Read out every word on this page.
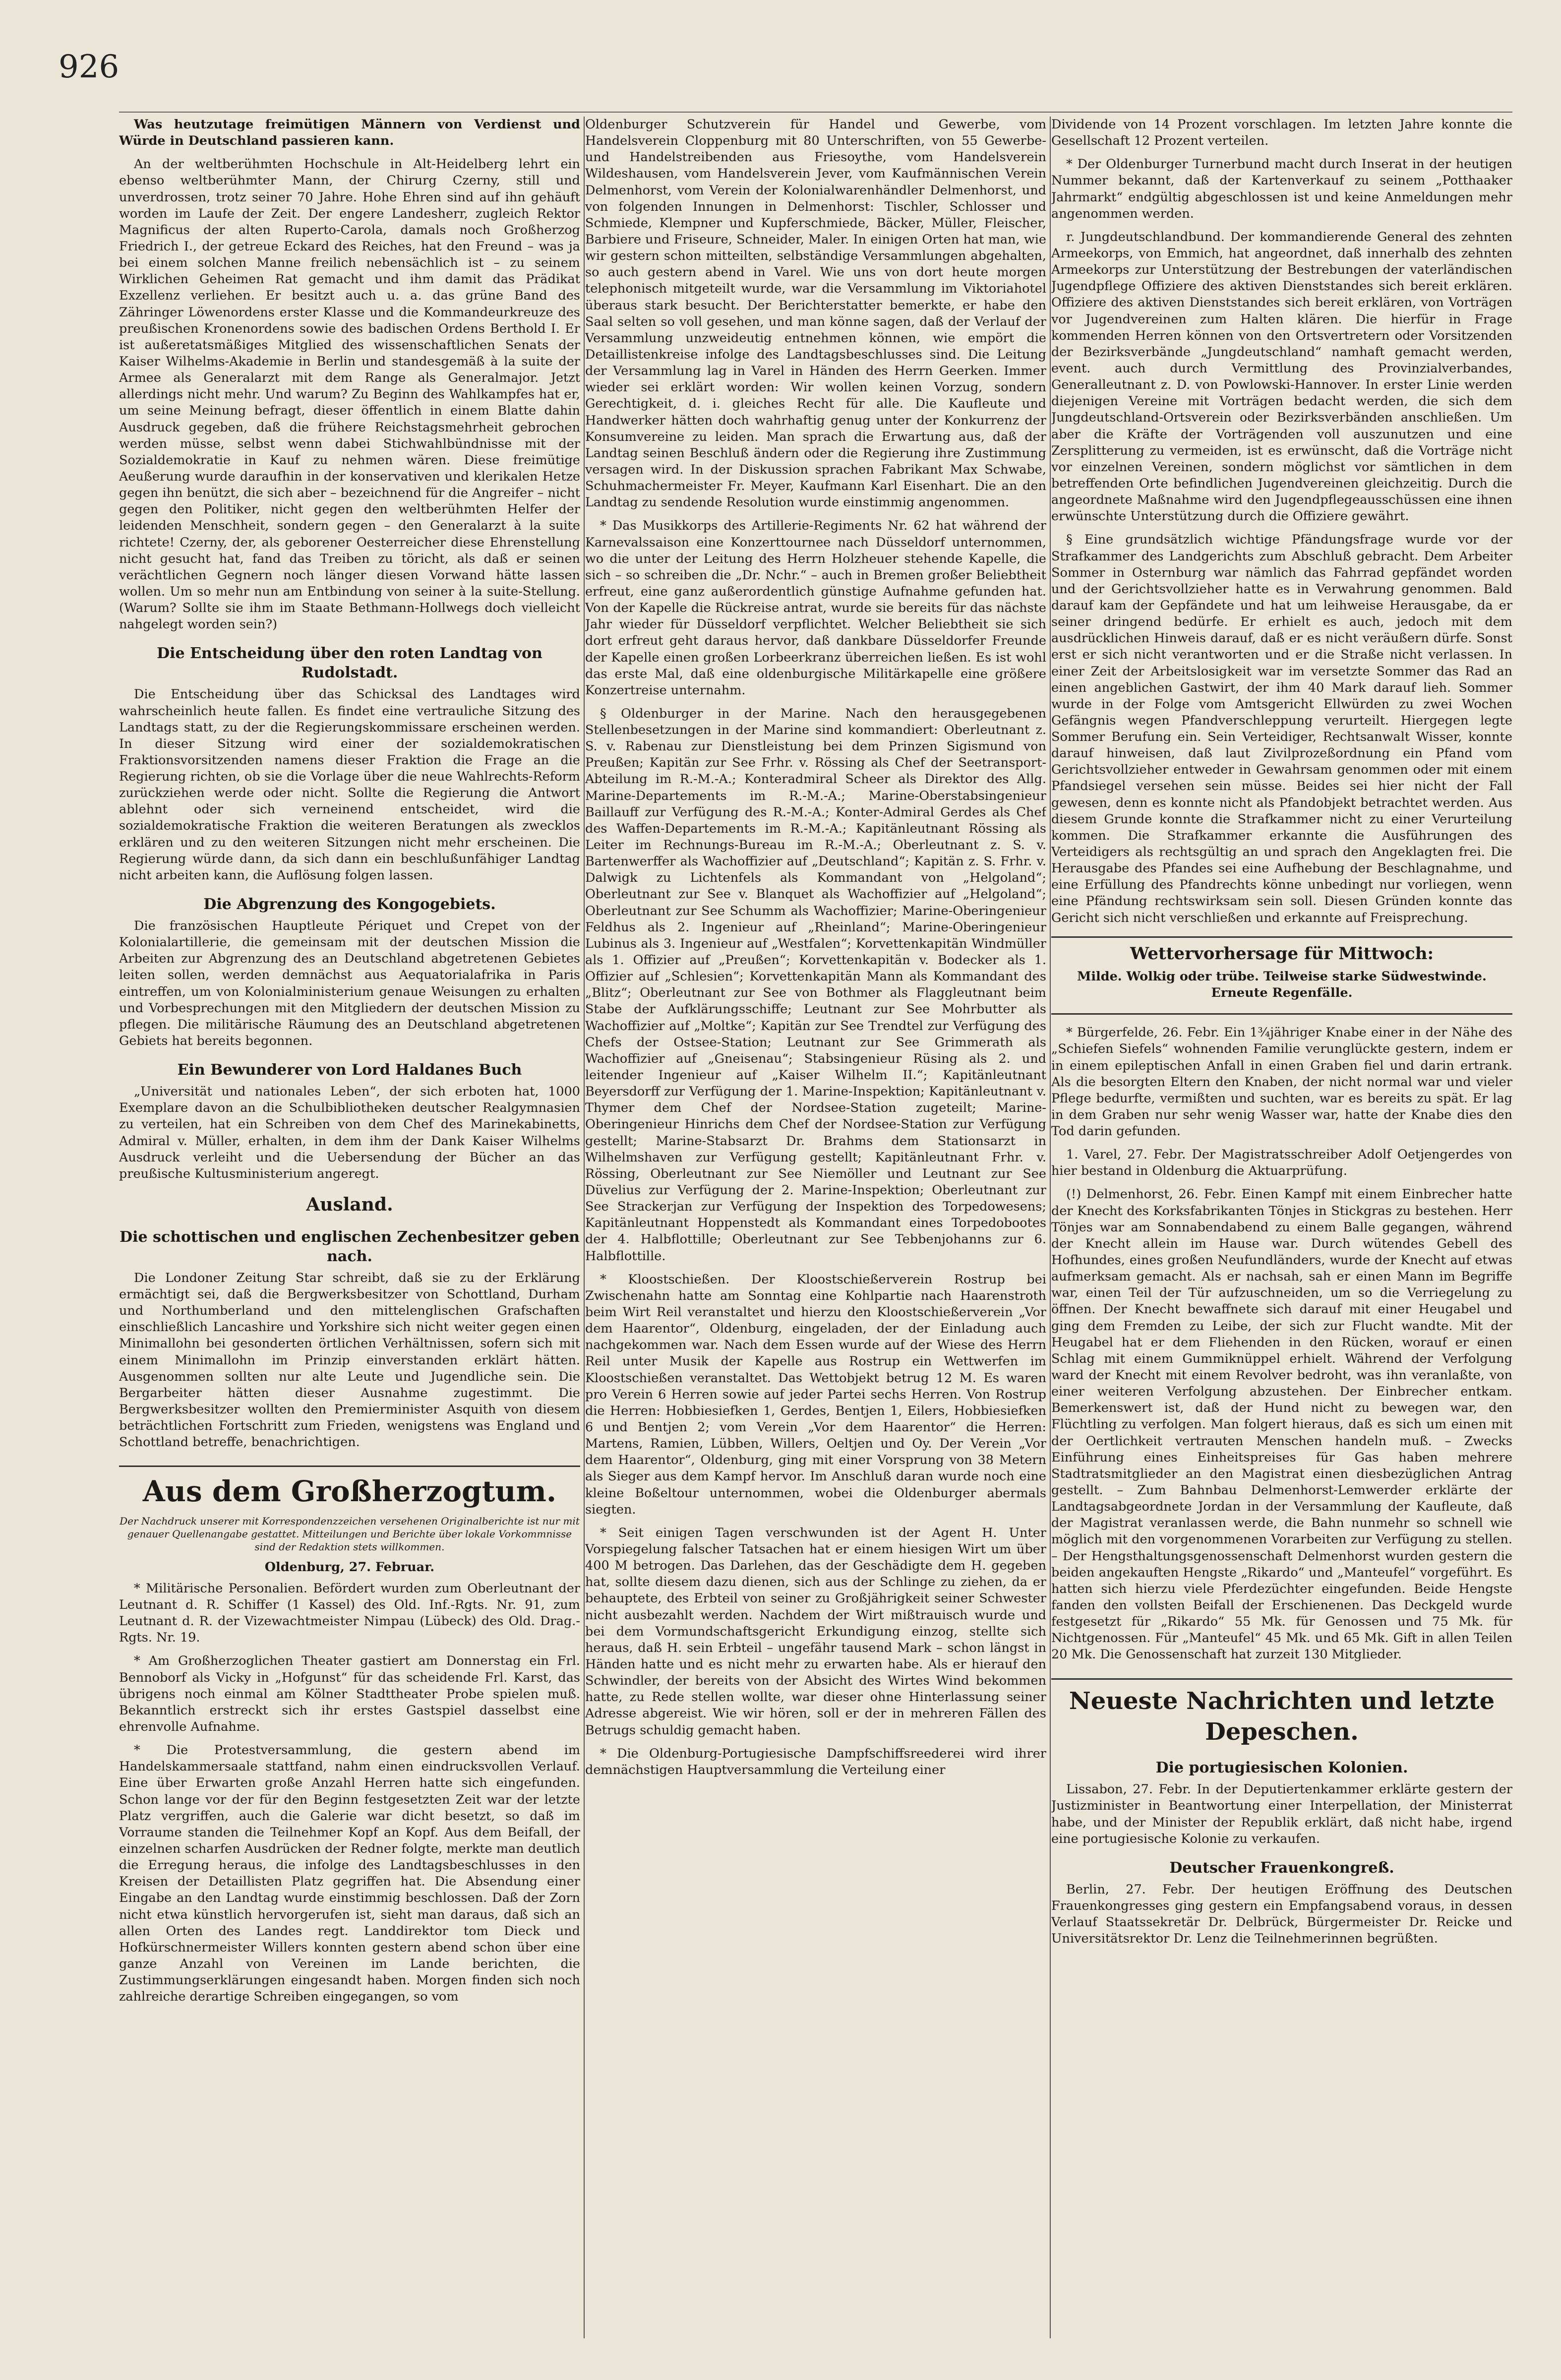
926

Was heutzutage freimütigen Männern von Verdienst und Würde in Deutschland passieren kann.

An der weltberühmten Hochschule in Alt-Heidelberg lehrt ein ebenso weltberühmter Mann, der Chirurg Czerny, still und unverdrossen, trotz seiner 70 Jahre. Hohe Ehren sind auf ihn gehäuft worden im Laufe der Zeit. Der engere Landesherr, zugleich Rektor Magnificus der alten Ruperto-Carola, damals noch Großherzog Friedrich I., der getreue Eckard des Reiches, hat den Freund – was ja bei einem solchen Manne freilich nebensächlich ist – zu seinem Wirklichen Geheimen Rat gemacht und ihm damit das Prädikat Exzellenz verliehen. Er besitzt auch u. a. das grüne Band des Zähringer Löwenordens erster Klasse und die Kommandeurkreuze des preußischen Kronenordens sowie des badischen Ordens Berthold I. Er ist außeretatsmäßiges Mitglied des wissenschaftlichen Senats der Kaiser Wilhelms-Akademie in Berlin und standesgemäß à la suite der Armee als Generalarzt mit dem Range als Generalmajor. Jetzt allerdings nicht mehr. Und warum? Zu Beginn des Wahlkampfes hat er, um seine Meinung befragt, dieser öffentlich in einem Blatte dahin Ausdruck gegeben, daß die frühere Reichstagsmehrheit gebrochen werden müsse, selbst wenn dabei Stichwahlbündnisse mit der Sozialdemokratie in Kauf zu nehmen wären. Diese freimütige Aeußerung wurde daraufhin in der konservativen und klerikalen Hetze gegen ihn benützt, die sich aber – bezeichnend für die Angreifer – nicht gegen den Politiker, nicht gegen den weltberühmten Helfer der leidenden Menschheit, sondern gegen – den Generalarzt à la suite richtete! Czerny, der, als geborener Oesterreicher diese Ehrenstellung nicht gesucht hat, fand das Treiben zu töricht, als daß er seinen verächtlichen Gegnern noch länger diesen Vorwand hätte lassen wollen. Um so mehr nun am Entbindung von seiner à la suite-Stellung. (Warum? Sollte sie ihm im Staate Bethmann-Hollwegs doch vielleicht nahgelegt worden sein?)

Die Entscheidung über den roten Landtag von Rudolstadt.

Die Entscheidung über das Schicksal des Landtages wird wahrscheinlich heute fallen. Es findet eine vertrauliche Sitzung des Landtags statt, zu der die Regierungskommissare erscheinen werden. In dieser Sitzung wird einer der sozialdemokratischen Fraktionsvorsitzenden namens dieser Fraktion die Frage an die Regierung richten, ob sie die Vorlage über die neue Wahlrechts-Reform zurückziehen werde oder nicht. Sollte die Regierung die Antwort ablehnt oder sich verneinend entscheidet, wird die sozialdemokratische Fraktion die weiteren Beratungen als zwecklos erklären und zu den weiteren Sitzungen nicht mehr erscheinen. Die Regierung würde dann, da sich dann ein beschlußunfähiger Landtag nicht arbeiten kann, die Auflösung folgen lassen.

Die Abgrenzung des Kongogebiets.

Die französischen Hauptleute Périquet und Crepet von der Kolonialartillerie, die gemeinsam mit der deutschen Mission die Arbeiten zur Abgrenzung des an Deutschland abgetretenen Gebietes leiten sollen, werden demnächst aus Aequatorialafrika in Paris eintreffen, um von Kolonialministerium genaue Weisungen zu erhalten und Vorbesprechungen mit den Mitgliedern der deutschen Mission zu pflegen. Die militärische Räumung des an Deutschland abgetretenen Gebiets hat bereits begonnen.

Ein Bewunderer von Lord Haldanes Buch

„Universität und nationales Leben“, der sich erboten hat, 1000 Exemplare davon an die Schulbibliotheken deutscher Realgymnasien zu verteilen, hat ein Schreiben von dem Chef des Marinekabinetts, Admiral v. Müller, erhalten, in dem ihm der Dank Kaiser Wilhelms Ausdruck verleiht und die Uebersendung der Bücher an das preußische Kultusministerium angeregt.

Ausland.
Die schottischen und englischen Zechenbesitzer geben nach.

Die Londoner Zeitung Star schreibt, daß sie zu der Erklärung ermächtigt sei, daß die Bergwerksbesitzer von Schottland, Durham und Northumberland und den mittelenglischen Grafschaften einschließlich Lancashire und Yorkshire sich nicht weiter gegen einen Minimallohn bei gesonderten örtlichen Verhältnissen, sofern sich mit einem Minimallohn im Prinzip einverstanden erklärt hätten. Ausgenommen sollten nur alte Leute und Jugendliche sein. Die Bergarbeiter hätten dieser Ausnahme zugestimmt. Die Bergwerksbesitzer wollten den Premierminister Asquith von diesem beträchtlichen Fortschritt zum Frieden, wenigstens was England und Schottland betreffe, benachrichtigen.

Aus dem Großherzogtum.
Der Nachdruck unserer mit Korrespondenzzeichen versehenen Originalberichte ist nur mit genauer Quellenangabe gestattet. Mitteilungen und Berichte über lokale Vorkommnisse sind der Redaktion stets willkommen.
Oldenburg, 27. Februar.

* Militärische Personalien. Befördert wurden zum Oberleutnant der Leutnant d. R. Schiffer (1 Kassel) des Old. Inf.-Rgts. Nr. 91, zum Leutnant d. R. der Vizewachtmeister Nimpau (Lübeck) des Old. Drag.-Rgts. Nr. 19.

* Am Großherzoglichen Theater gastiert am Donnerstag ein Frl. Bennoborf als Vicky in „Hofgunst“ für das scheidende Frl. Karst, das übrigens noch einmal am Kölner Stadttheater Probe spielen muß. Bekanntlich erstreckt sich ihr erstes Gastspiel dasselbst eine ehrenvolle Aufnahme.

* Die Protestversammlung, die gestern abend im Handelskammersaale stattfand, nahm einen eindrucksvollen Verlauf. Eine über Erwarten große Anzahl Herren hatte sich eingefunden. Schon lange vor der für den Beginn festgesetzten Zeit war der letzte Platz vergriffen, auch die Galerie war dicht besetzt, so daß im Vorraume standen die Teilnehmer Kopf an Kopf. Aus dem Beifall, der einzelnen scharfen Ausdrücken der Redner folgte, merkte man deutlich die Erregung heraus, die infolge des Landtagsbeschlusses in den Kreisen der Detaillisten Platz gegriffen hat. Die Absendung einer Eingabe an den Landtag wurde einstimmig beschlossen. Daß der Zorn nicht etwa künstlich hervorgerufen ist, sieht man daraus, daß sich an allen Orten des Landes regt. Landdirektor tom Dieck und Hofkürschnermeister Willers konnten gestern abend schon über eine ganze Anzahl von Vereinen im Lande berichten, die Zustimmungserklärungen eingesandt haben. Morgen finden sich noch zahlreiche derartige Schreiben eingegangen, so vom

Oldenburger Schutzverein für Handel und Gewerbe, vom Handelsverein Cloppenburg mit 80 Unterschriften, von 55 Gewerbe- und Handelstreibenden aus Friesoythe, vom Handelsverein Wildeshausen, vom Handelsverein Jever, vom Kaufmännischen Verein Delmenhorst, vom Verein der Kolonialwarenhändler Delmenhorst, und von folgenden Innungen in Delmenhorst: Tischler, Schlosser und Schmiede, Klempner und Kupferschmiede, Bäcker, Müller, Fleischer, Barbiere und Friseure, Schneider, Maler. In einigen Orten hat man, wie wir gestern schon mitteilten, selbständige Versammlungen abgehalten, so auch gestern abend in Varel. Wie uns von dort heute morgen telephonisch mitgeteilt wurde, war die Versammlung im Viktoriahotel überaus stark besucht. Der Berichterstatter bemerkte, er habe den Saal selten so voll gesehen, und man könne sagen, daß der Verlauf der Versammlung unzweideutig entnehmen können, wie empört die Detaillistenkreise infolge des Landtagsbeschlusses sind. Die Leitung der Versammlung lag in Varel in Händen des Herrn Geerken. Immer wieder sei erklärt worden: Wir wollen keinen Vorzug, sondern Gerechtigkeit, d. i. gleiches Recht für alle. Die Kaufleute und Handwerker hätten doch wahrhaftig genug unter der Konkurrenz der Konsumvereine zu leiden. Man sprach die Erwartung aus, daß der Landtag seinen Beschluß ändern oder die Regierung ihre Zustimmung versagen wird. In der Diskussion sprachen Fabrikant Max Schwabe, Schuhmachermeister Fr. Meyer, Kaufmann Karl Eisenhart. Die an den Landtag zu sendende Resolution wurde einstimmig angenommen.

* Das Musikkorps des Artillerie-Regiments Nr. 62 hat während der Karnevalssaison eine Konzerttournee nach Düsseldorf unternommen, wo die unter der Leitung des Herrn Holzheuer stehende Kapelle, die sich – so schreiben die „Dr. Nchr.“ – auch in Bremen großer Beliebtheit erfreut, eine ganz außerordentlich günstige Aufnahme gefunden hat. Von der Kapelle die Rückreise antrat, wurde sie bereits für das nächste Jahr wieder für Düsseldorf verpflichtet. Welcher Beliebtheit sie sich dort erfreut geht daraus hervor, daß dankbare Düsseldorfer Freunde der Kapelle einen großen Lorbeerkranz überreichen ließen. Es ist wohl das erste Mal, daß eine oldenburgische Militärkapelle eine größere Konzertreise unternahm.

§ Oldenburger in der Marine. Nach den herausgegebenen Stellenbesetzungen in der Marine sind kommandiert: Oberleutnant z. S. v. Rabenau zur Dienstleistung bei dem Prinzen Sigismund von Preußen; Kapitän zur See Frhr. v. Rössing als Chef der Seetransport-Abteilung im R.-M.-A.; Konteradmiral Scheer als Direktor des Allg. Marine-Departements im R.-M.-A.; Marine-Oberstabsingenieur Baillauff zur Verfügung des R.-M.-A.; Konter-Admiral Gerdes als Chef des Waffen-Departements im R.-M.-A.; Kapitänleutnant Rössing als Leiter im Rechnungs-Bureau im R.-M.-A.; Oberleutnant z. S. v. Bartenwerffer als Wachoffizier auf „Deutschland“; Kapitän z. S. Frhr. v. Dalwigk zu Lichtenfels als Kommandant von „Helgoland“; Oberleutnant zur See v. Blanquet als Wachoffizier auf „Helgoland“; Oberleutnant zur See Schumm als Wachoffizier; Marine-Oberingenieur Feldhus als 2. Ingenieur auf „Rheinland“; Marine-Oberingenieur Lubinus als 3. Ingenieur auf „Westfalen“; Korvettenkapitän Windmüller als 1. Offizier auf „Preußen“; Korvettenkapitän v. Bodecker als 1. Offizier auf „Schlesien“; Korvettenkapitän Mann als Kommandant des „Blitz“; Oberleutnant zur See von Bothmer als Flaggleutnant beim Stabe der Aufklärungsschiffe; Leutnant zur See Mohrbutter als Wachoffizier auf „Moltke“; Kapitän zur See Trendtel zur Verfügung des Chefs der Ostsee-Station; Leutnant zur See Grimmerath als Wachoffizier auf „Gneisenau“; Stabsingenieur Rüsing als 2. und leitender Ingenieur auf „Kaiser Wilhelm II.“; Kapitänleutnant Beyersdorff zur Verfügung der 1. Marine-Inspektion; Kapitänleutnant v. Thymer dem Chef der Nordsee-Station zugeteilt; Marine-Oberingenieur Hinrichs dem Chef der Nordsee-Station zur Verfügung gestellt; Marine-Stabsarzt Dr. Brahms dem Stationsarzt in Wilhelmshaven zur Verfügung gestellt; Kapitänleutnant Frhr. v. Rössing, Oberleutnant zur See Niemöller und Leutnant zur See Düvelius zur Verfügung der 2. Marine-Inspektion; Oberleutnant zur See Strackerjan zur Verfügung der Inspektion des Torpedowesens; Kapitänleutnant Hoppenstedt als Kommandant eines Torpedobootes der 4. Halbflottille; Oberleutnant zur See Tebbenjohanns zur 6. Halbflottille.

* Kloostschießen. Der Kloostschießerverein Rostrup bei Zwischenahn hatte am Sonntag eine Kohlpartie nach Haarenstroth beim Wirt Reil veranstaltet und hierzu den Kloostschießerverein „Vor dem Haarentor“, Oldenburg, eingeladen, der der Einladung auch nachgekommen war. Nach dem Essen wurde auf der Wiese des Herrn Reil unter Musik der Kapelle aus Rostrup ein Wettwerfen im Kloostschießen veranstaltet. Das Wettobjekt betrug 12 M. Es waren pro Verein 6 Herren sowie auf jeder Partei sechs Herren. Von Rostrup die Herren: Hobbiesiefken 1, Gerdes, Bentjen 1, Eilers, Hobbiesiefken 6 und Bentjen 2; vom Verein „Vor dem Haarentor“ die Herren: Martens, Ramien, Lübben, Willers, Oeltjen und Oy. Der Verein „Vor dem Haarentor“, Oldenburg, ging mit einer Vorsprung von 38 Metern als Sieger aus dem Kampf hervor. Im Anschluß daran wurde noch eine kleine Boßeltour unternommen, wobei die Oldenburger abermals siegten.

* Seit einigen Tagen verschwunden ist der Agent H. Unter Vorspiegelung falscher Tatsachen hat er einem hiesigen Wirt um über 400 M betrogen. Das Darlehen, das der Geschädigte dem H. gegeben hat, sollte diesem dazu dienen, sich aus der Schlinge zu ziehen, da er behauptete, des Erbteil von seiner zu Großjährigkeit seiner Schwester nicht ausbezahlt werden. Nachdem der Wirt mißtrauisch wurde und bei dem Vormundschaftsgericht Erkundigung einzog, stellte sich heraus, daß H. sein Erbteil – ungefähr tausend Mark – schon längst in Händen hatte und es nicht mehr zu erwarten habe. Als er hierauf den Schwindler, der bereits von der Absicht des Wirtes Wind bekommen hatte, zu Rede stellen wollte, war dieser ohne Hinterlassung seiner Adresse abgereist. Wie wir hören, soll er der in mehreren Fällen des Betrugs schuldig gemacht haben.

* Die Oldenburg-Portugiesische Dampfschiffsreederei wird ihrer demnächstigen Hauptversammlung die Verteilung einer

Dividende von 14 Prozent vorschlagen. Im letzten Jahre konnte die Gesellschaft 12 Prozent verteilen.

* Der Oldenburger Turnerbund macht durch Inserat in der heutigen Nummer bekannt, daß der Kartenverkauf zu seinem „Potthaaker Jahrmarkt“ endgültig abgeschlossen ist und keine Anmeldungen mehr angenommen werden.

r. Jungdeutschlandbund. Der kommandierende General des zehnten Armeekorps, von Emmich, hat angeordnet, daß innerhalb des zehnten Armeekorps zur Unterstützung der Bestrebungen der vaterländischen Jugendpflege Offiziere des aktiven Dienststandes sich bereit erklären. Offiziere des aktiven Dienststandes sich bereit erklären, von Vorträgen vor Jugendvereinen zum Halten klären. Die hierfür in Frage kommenden Herren können von den Ortsvertretern oder Vorsitzenden der Bezirksverbände „Jungdeutschland“ namhaft gemacht werden, event. auch durch Vermittlung des Provinzialverbandes, Generalleutnant z. D. von Powlowski-Hannover. In erster Linie werden diejenigen Vereine mit Vorträgen bedacht werden, die sich dem Jungdeutschland-Ortsverein oder Bezirksverbänden anschließen. Um aber die Kräfte der Vorträgenden voll auszunutzen und eine Zersplitterung zu vermeiden, ist es erwünscht, daß die Vorträge nicht vor einzelnen Vereinen, sondern möglichst vor sämtlichen in dem betreffenden Orte befindlichen Jugendvereinen gleichzeitig. Durch die angeordnete Maßnahme wird den Jugendpflegeausschüssen eine ihnen erwünschte Unterstützung durch die Offiziere gewährt.

§ Eine grundsätzlich wichtige Pfändungsfrage wurde vor der Strafkammer des Landgerichts zum Abschluß gebracht. Dem Arbeiter Sommer in Osternburg war nämlich das Fahrrad gepfändet worden und der Gerichtsvollzieher hatte es in Verwahrung genommen. Bald darauf kam der Gepfändete und hat um leihweise Herausgabe, da er seiner dringend bedürfe. Er erhielt es auch, jedoch mit dem ausdrücklichen Hinweis darauf, daß er es nicht veräußern dürfe. Sonst erst er sich nicht verantworten und er die Straße nicht verlassen. In einer Zeit der Arbeitslosigkeit war im versetzte Sommer das Rad an einen angeblichen Gastwirt, der ihm 40 Mark darauf lieh. Sommer wurde in der Folge vom Amtsgericht Ellwürden zu zwei Wochen Gefängnis wegen Pfandverschleppung verurteilt. Hiergegen legte Sommer Berufung ein. Sein Verteidiger, Rechtsanwalt Wisser, konnte darauf hinweisen, daß laut Zivilprozeßordnung ein Pfand vom Gerichtsvollzieher entweder in Gewahrsam genommen oder mit einem Pfandsiegel versehen sein müsse. Beides sei hier nicht der Fall gewesen, denn es konnte nicht als Pfandobjekt betrachtet werden. Aus diesem Grunde konnte die Strafkammer nicht zu einer Verurteilung kommen. Die Strafkammer erkannte die Ausführungen des Verteidigers als rechtsgültig an und sprach den Angeklagten frei. Die Herausgabe des Pfandes sei eine Aufhebung der Beschlagnahme, und eine Erfüllung des Pfandrechts könne unbedingt nur vorliegen, wenn eine Pfändung rechtswirksam sein soll. Diesen Gründen konnte das Gericht sich nicht verschließen und erkannte auf Freisprechung.

Wettervorhersage für Mittwoch:

Milde. Wolkig oder trübe. Teilweise starke Südwestwinde. Erneute Regenfälle.

* Bürgerfelde, 26. Febr. Ein 1¾jähriger Knabe einer in der Nähe des „Schiefen Siefels“ wohnenden Familie verunglückte gestern, indem er in einem epileptischen Anfall in einen Graben fiel und darin ertrank. Als die besorgten Eltern den Knaben, der nicht normal war und vieler Pflege bedurfte, vermißten und suchten, war es bereits zu spät. Er lag in dem Graben nur sehr wenig Wasser war, hatte der Knabe dies den Tod darin gefunden.

1. Varel, 27. Febr. Der Magistratsschreiber Adolf Oetjengerdes von hier bestand in Oldenburg die Aktuarprüfung.

(!) Delmenhorst, 26. Febr. Einen Kampf mit einem Einbrecher hatte der Knecht des Korksfabrikanten Tönjes in Stickgras zu bestehen. Herr Tönjes war am Sonnabendabend zu einem Balle gegangen, während der Knecht allein im Hause war. Durch wütendes Gebell des Hofhundes, eines großen Neufundländers, wurde der Knecht auf etwas aufmerksam gemacht. Als er nachsah, sah er einen Mann im Begriffe war, einen Teil der Tür aufzuschneiden, um so die Verriegelung zu öffnen. Der Knecht bewaffnete sich darauf mit einer Heugabel und ging dem Fremden zu Leibe, der sich zur Flucht wandte. Mit der Heugabel hat er dem Fliehenden in den Rücken, worauf er einen Schlag mit einem Gummiknüppel erhielt. Während der Verfolgung ward der Knecht mit einem Revolver bedroht, was ihn veranlaßte, von einer weiteren Verfolgung abzustehen. Der Einbrecher entkam. Bemerkenswert ist, daß der Hund nicht zu bewegen war, den Flüchtling zu verfolgen. Man folgert hieraus, daß es sich um einen mit der Oertlichkeit vertrauten Menschen handeln muß. – Zwecks Einführung eines Einheitspreises für Gas haben mehrere Stadtratsmitglieder an den Magistrat einen diesbezüglichen Antrag gestellt. – Zum Bahnbau Delmenhorst-Lemwerder erklärte der Landtagsabgeordnete Jordan in der Versammlung der Kaufleute, daß der Magistrat veranlassen werde, die Bahn nunmehr so schnell wie möglich mit den vorgenommenen Vorarbeiten zur Verfügung zu stellen. – Der Hengsthaltungsgenossenschaft Delmenhorst wurden gestern die beiden angekauften Hengste „Rikardo“ und „Manteufel“ vorgeführt. Es hatten sich hierzu viele Pferdezüchter eingefunden. Beide Hengste fanden den vollsten Beifall der Erschienenen. Das Deckgeld wurde festgesetzt für „Rikardo“ 55 Mk. für Genossen und 75 Mk. für Nichtgenossen. Für „Manteufel“ 45 Mk. und 65 Mk. Gift in allen Teilen 20 Mk. Die Genossenschaft hat zurzeit 130 Mitglieder.

Neueste Nachrichten und letzte Depeschen.
Die portugiesischen Kolonien.

Lissabon, 27. Febr. In der Deputiertenkammer erklärte gestern der Justizminister in Beantwortung einer Interpellation, der Ministerrat habe, und der Minister der Republik erklärt, daß nicht habe, irgend eine portugiesische Kolonie zu verkaufen.

Deutscher Frauenkongreß.

Berlin, 27. Febr. Der heutigen Eröffnung des Deutschen Frauenkongresses ging gestern ein Empfangsabend voraus, in dessen Verlauf Staatssekretär Dr. Delbrück, Bürgermeister Dr. Reicke und Universitätsrektor Dr. Lenz die Teilnehmerinnen begrüßten.
